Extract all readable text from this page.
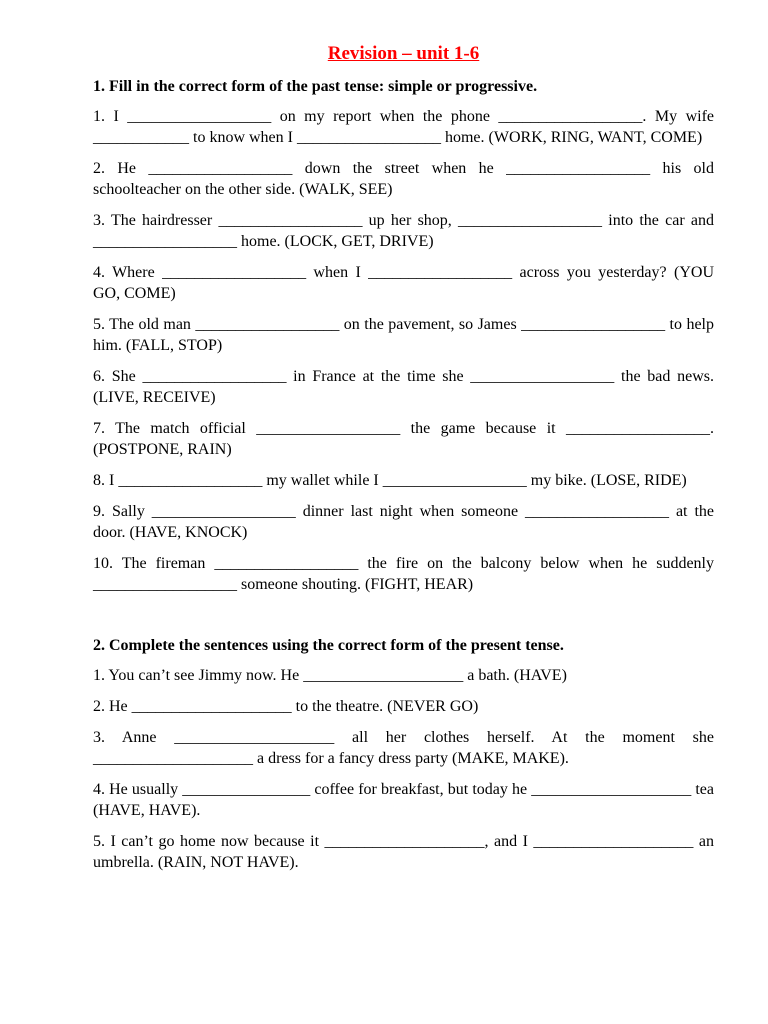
Revision – unit 1-6
1. Fill in the correct form of the past tense: simple or progressive.
1. I __________________ on my report when the phone __________________. My wife ____________ to know when I __________________ home. (WORK, RING, WANT, COME)
2. He __________________ down the street when he __________________ his old schoolteacher on the other side. (WALK, SEE)
3. The hairdresser __________________ up her shop, __________________ into the car and __________________ home. (LOCK, GET, DRIVE)
4. Where __________________ when I __________________ across you yesterday? (YOU GO, COME)
5. The old man __________________ on the pavement, so James __________________ to help him. (FALL, STOP)
6. She __________________ in France at the time she __________________ the bad news. (LIVE, RECEIVE)
7. The match official __________________ the game because it __________________. (POSTPONE, RAIN)
8. I __________________ my wallet while I __________________ my bike. (LOSE, RIDE)
9. Sally __________________ dinner last night when someone __________________ at the door. (HAVE, KNOCK)
10. The fireman __________________ the fire on the balcony below when he suddenly __________________ someone shouting. (FIGHT, HEAR)
2. Complete the sentences using the correct form of the present tense.
1. You can’t see Jimmy now. He ____________________ a bath. (HAVE)
2. He ____________________ to the theatre. (NEVER GO)
3. Anne ____________________ all her clothes herself. At the moment she ____________________ a dress for a fancy dress party (MAKE, MAKE).
4. He usually ________________ coffee for breakfast, but today he ____________________ tea (HAVE, HAVE).
5. I can’t go home now because it ____________________, and I ____________________ an umbrella. (RAIN, NOT HAVE).
